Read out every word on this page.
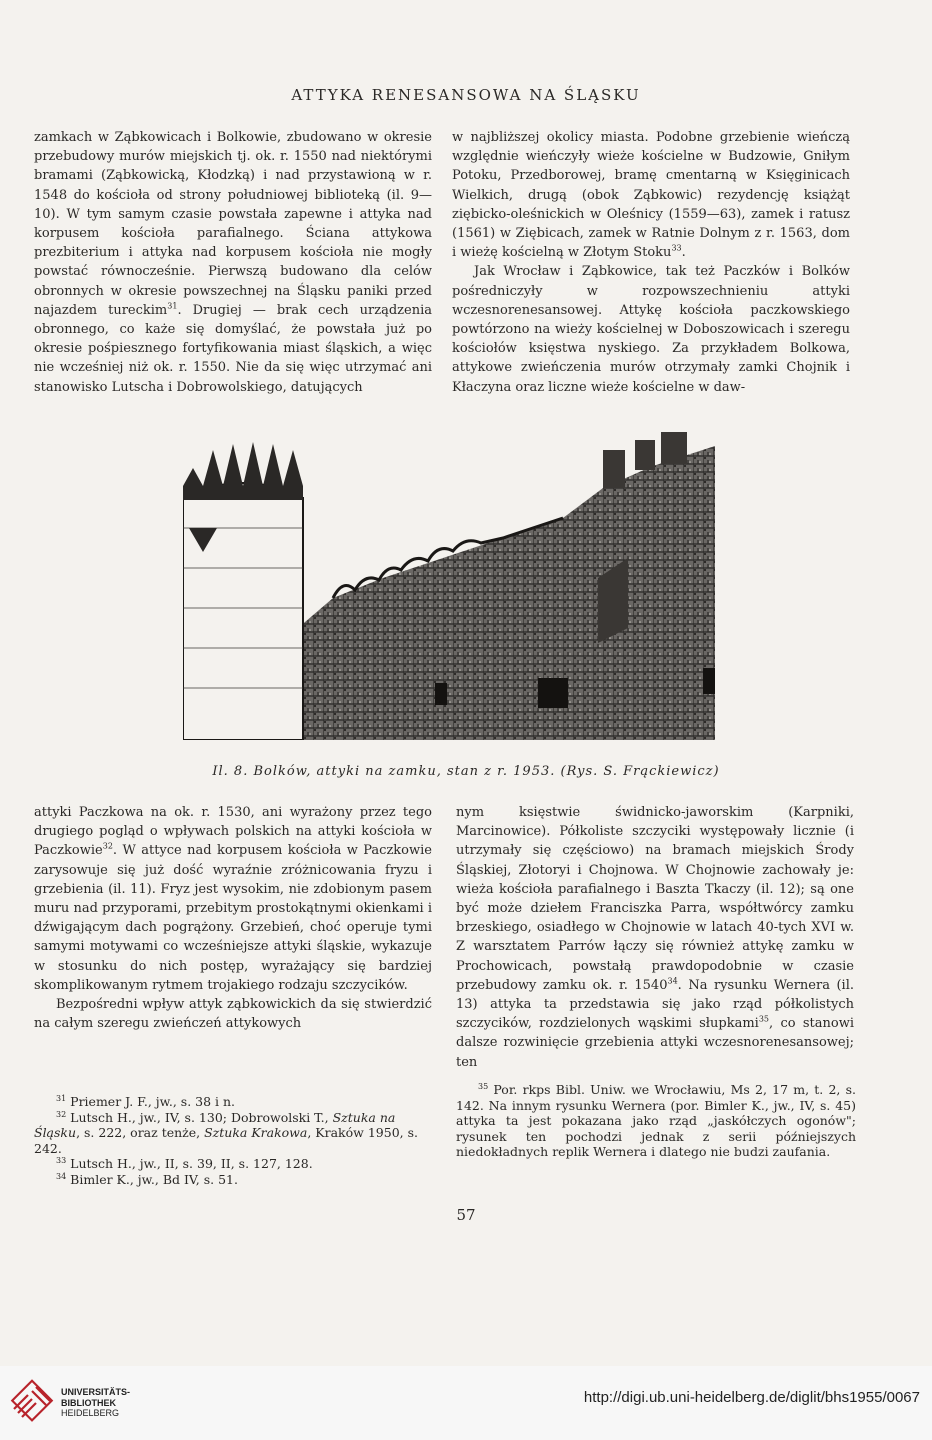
ATTYKA RENESANSOWA NA ŚLĄSKU

zamkach w Ząbkowicach i Bolkowie, zbudowano w okresie przebudowy murów miejskich tj. ok. r. 1550 nad niektórymi bramami (Ząbkowicką, Kłodzką) i nad przystawioną w r. 1548 do kościoła od strony południowej biblioteką (il. 9—10). W tym samym czasie powstała zapewne i attyka nad korpusem kościoła parafialnego. Ściana attykowa prezbiterium i attyka nad korpusem kościoła nie mogły powstać równocześnie. Pierwszą budowano dla celów obronnych w okresie powszechnej na Śląsku paniki przed najazdem tureckim$^{31}$. Drugiej — brak cech urządzenia obronnego, co każe się domyślać, że powstała już po okresie pośpiesznego fortyfikowania miast śląskich, a więc nie wcześniej niż ok. r. 1550. Nie da się więc utrzymać ani stanowisko Lutscha i Dobrowolskiego, datujących

w najbliższej okolicy miasta. Podobne grzebienie wieńczą względnie wieńczyły wieże kościelne w Budzowie, Gniłym Potoku, Przedborowej, bramę cmentarną w Księginicach Wielkich, drugą (obok Ząbkowic) rezydencję książąt ziębicko-oleśnickich w Oleśnicy (1559—63), zamek i ratusz (1561) w Ziębicach, zamek w Ratnie Dolnym z r. 1563, dom i wieżę kościelną w Złotym Stoku$^{33}$.

Jak Wrocław i Ząbkowice, tak też Paczków i Bolków pośredniczyły w rozpowszechnieniu attyki wczesnorenesansowej. Attykę kościoła paczkowskiego powtórzono na wieży kościelnej w Doboszowicach i szeregu kościołów księstwa nyskiego. Za przykładem Bolkowa, attykowe zwieńczenia murów otrzymały zamki Chojnik i Kłaczyna oraz liczne wieże kościelne w daw-

Il. 8. Bolków, attyki na zamku, stan z r. 1953. (Rys. S. Frąckiewicz)

attyki Paczkowa na ok. r. 1530, ani wyrażony przez tego drugiego pogląd o wpływach polskich na attyki kościoła w Paczkowie$^{32}$. W attyce nad korpusem kościoła w Paczkowie zarysowuje się już dość wyraźnie zróżnicowania fryzu i grzebienia (il. 11). Fryz jest wysokim, nie zdobionym pasem muru nad przyporami, przebitym prostokątnymi okienkami i dźwigającym dach pogrążony. Grzebień, choć operuje tymi samymi motywami co wcześniejsze attyki śląskie, wykazuje w stosunku do nich postęp, wyrażający się bardziej skomplikowanym rytmem trojakiego rodzaju szczycików.

Bezpośredni wpływ attyk ząbkowickich da się stwierdzić na całym szeregu zwieńczeń attykowych

nym księstwie świdnicko-jaworskim (Karpniki, Marcinowice). Półkoliste szczyciki występowały licznie (i utrzymały się częściowo) na bramach miejskich Środy Śląskiej, Złotoryi i Chojnowa. W Chojnowie zachowały je: wieża kościoła parafialnego i Baszta Tkaczy (il. 12); są one być może dziełem Franciszka Parra, współtwórcy zamku brzeskiego, osiadłego w Chojnowie w latach 40-tych XVI w. Z warsztatem Parrów łączy się również attykę zamku w Prochowicach, powstałą prawdopodobnie w czasie przebudowy zamku ok. r. 1540$^{34}$. Na rysunku Wernera (il. 13) attyka ta przedstawia się jako rząd półkolistych szczycików, rozdzielonych wąskimi słupkami$^{35}$, co stanowi dalsze rozwinięcie grzebienia attyki wczesnorenesansowej; ten

$^{31}$ Priemer J. F., jw., s. 38 i n.

$^{32}$ Lutsch H., jw., IV, s. 130; Dobrowolski T., Sztuka na Śląsku, s. 222, oraz tenże, Sztuka Krakowa, Kraków 1950, s. 242.

$^{33}$ Lutsch H., jw., II, s. 39, II, s. 127, 128.

$^{34}$ Bimler K., jw., Bd IV, s. 51.

$^{35}$ Por. rkps Bibl. Uniw. we Wrocławiu, Ms 2, 17 m, t. 2, s. 142. Na innym rysunku Wernera (por. Bimler K., jw., IV, s. 45) attyka ta jest pokazana jako rząd „jaskółczych ogonów"; rysunek ten pochodzi jednak z serii późniejszych niedokładnych replik Wernera i dlatego nie budzi zaufania.

57
UNIVERSITÄTS-
BIBLIOTHEK
HEIDELBERG
http://digi.ub.uni-heidelberg.de/diglit/bhs1955/0067
